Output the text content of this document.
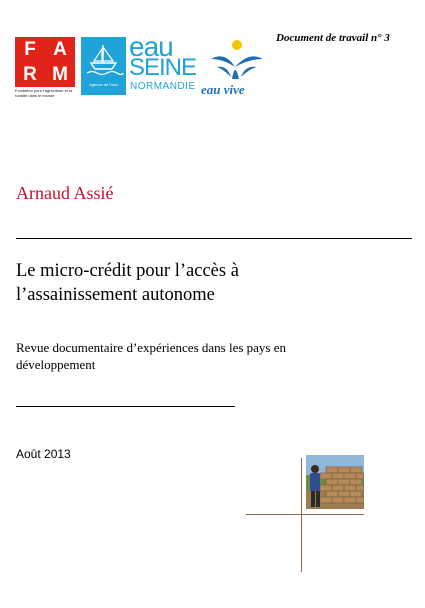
F A
R M
Fondation pour l’agriculture et la ruralité dans le monde
Agence de l’eau
eau
SEINE
NORMANDIE eau vive
Document de travail n° 3
Arnaud Assié
Le micro-crédit pour l’accès à l’assainissement autonome
Revue documentaire d’expériences dans les pays en développement
Août 2013
